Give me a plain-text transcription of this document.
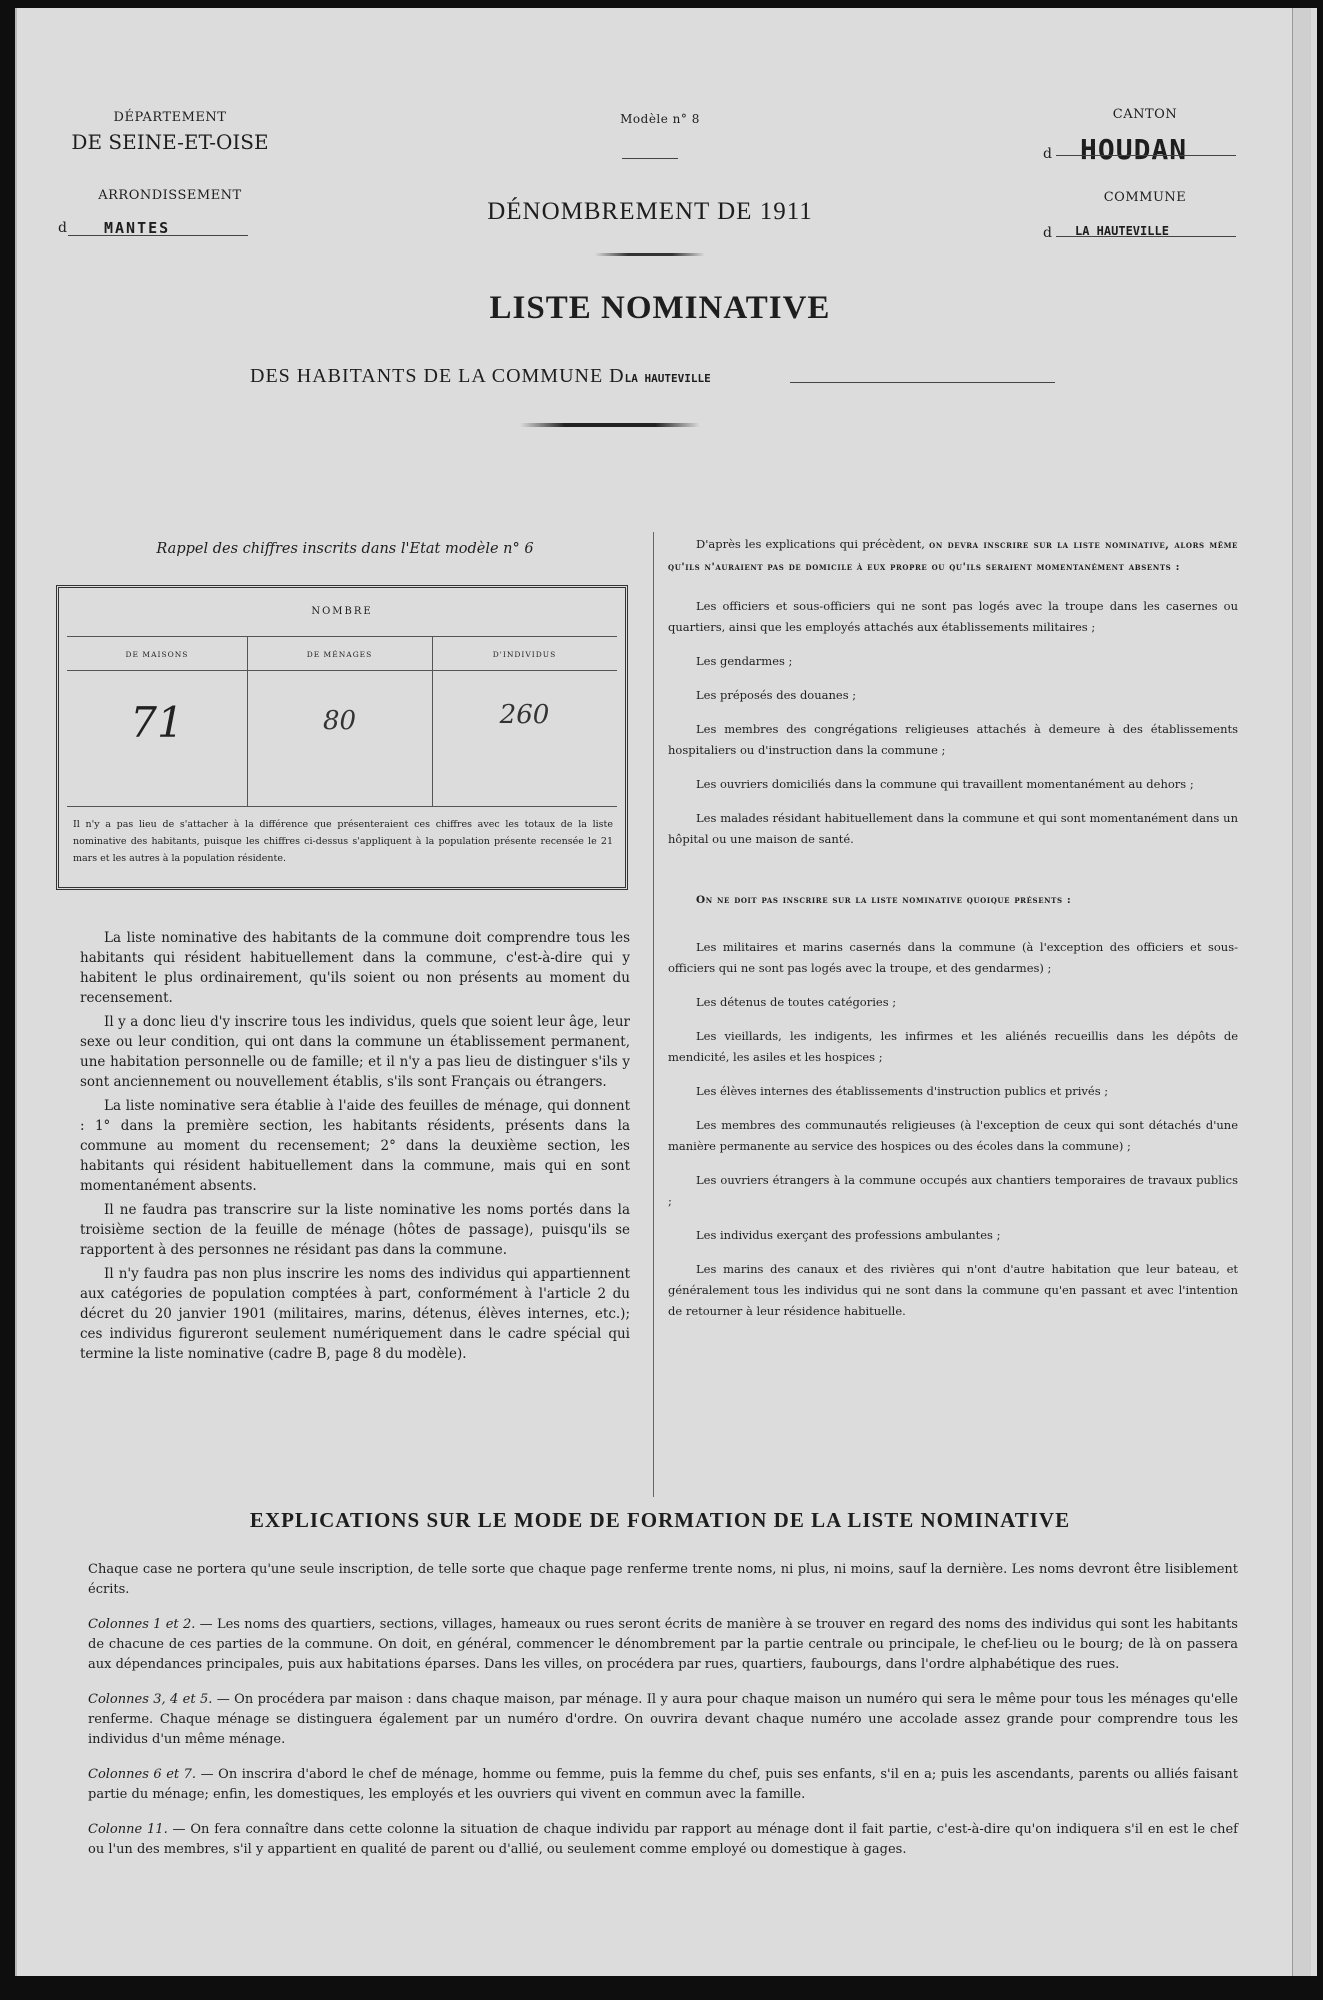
DÉPARTEMENT
DE SEINE-ET-OISE
ARRONDISSEMENT
d MANTES
Modèle n° 8
DÉNOMBREMENT DE 1911
CANTON
d HOUDAN
COMMUNE
d LA HAUTEVILLE
LISTE NOMINATIVE
DES HABITANTS DE LA COMMUNE DLA HAUTEVILLE
Rappel des chiffres inscrits dans l'Etat modèle n° 6
NOMBRE
DE MAISONS	DE MÉNAGES	D'INDIVIDUS
71	80	260
Il n'y a pas lieu de s'attacher à la différence que présenteraient ces chiffres avec les totaux de la liste nominative des habitants, puisque les chiffres ci-dessus s'appliquent à la population présente recensée le 21 mars et les autres à la population résidente.

La liste nominative des habitants de la commune doit comprendre tous les habitants qui résident habituellement dans la commune, c'est-à-dire qui y habitent le plus ordinairement, qu'ils soient ou non présents au moment du recensement.

Il y a donc lieu d'y inscrire tous les individus, quels que soient leur âge, leur sexe ou leur condition, qui ont dans la commune un établissement permanent, une habitation personnelle ou de famille; et il n'y a pas lieu de distinguer s'ils y sont anciennement ou nouvellement établis, s'ils sont Français ou étrangers.

La liste nominative sera établie à l'aide des feuilles de ménage, qui donnent : 1° dans la première section, les habitants résidents, présents dans la commune au moment du recensement; 2° dans la deuxième section, les habitants qui résident habituellement dans la commune, mais qui en sont momentanément absents.

Il ne faudra pas transcrire sur la liste nominative les noms portés dans la troisième section de la feuille de ménage (hôtes de passage), puisqu'ils se rapportent à des personnes ne résidant pas dans la commune.

Il n'y faudra pas non plus inscrire les noms des individus qui appartiennent aux catégories de population comptées à part, conformément à l'article 2 du décret du 20 janvier 1901 (militaires, marins, détenus, élèves internes, etc.); ces individus figureront seulement numériquement dans le cadre spécial qui termine la liste nominative (cadre B, page 8 du modèle).

D'après les explications qui précèdent, on devra inscrire sur la liste nominative, alors même qu'ils n'auraient pas de domicile à eux propre ou qu'ils seraient momentanément absents :

Les officiers et sous-officiers qui ne sont pas logés avec la troupe dans les casernes ou quartiers, ainsi que les employés attachés aux établissements militaires ;

Les gendarmes ;

Les préposés des douanes ;

Les membres des congrégations religieuses attachés à demeure à des établissements hospitaliers ou d'instruction dans la commune ;

Les ouvriers domiciliés dans la commune qui travaillent momentanément au dehors ;

Les malades résidant habituellement dans la commune et qui sont momentanément dans un hôpital ou une maison de santé.

On ne doit pas inscrire sur la liste nominative quoique présents :

Les militaires et marins casernés dans la commune (à l'exception des officiers et sous-officiers qui ne sont pas logés avec la troupe, et des gendarmes) ;

Les détenus de toutes catégories ;

Les vieillards, les indigents, les infirmes et les aliénés recueillis dans les dépôts de mendicité, les asiles et les hospices ;

Les élèves internes des établissements d'instruction publics et privés ;

Les membres des communautés religieuses (à l'exception de ceux qui sont détachés d'une manière permanente au service des hospices ou des écoles dans la commune) ;

Les ouvriers étrangers à la commune occupés aux chantiers temporaires de travaux publics ;

Les individus exerçant des professions ambulantes ;

Les marins des canaux et des rivières qui n'ont d'autre habitation que leur bateau, et généralement tous les individus qui ne sont dans la commune qu'en passant et avec l'intention de retourner à leur résidence habituelle.

EXPLICATIONS SUR LE MODE DE FORMATION DE LA LISTE NOMINATIVE

Chaque case ne portera qu'une seule inscription, de telle sorte que chaque page renferme trente noms, ni plus, ni moins, sauf la dernière. Les noms devront être lisiblement écrits.

Colonnes 1 et 2. — Les noms des quartiers, sections, villages, hameaux ou rues seront écrits de manière à se trouver en regard des noms des individus qui sont les habitants de chacune de ces parties de la commune. On doit, en général, commencer le dénombrement par la partie centrale ou principale, le chef-lieu ou le bourg; de là on passera aux dépendances principales, puis aux habitations éparses. Dans les villes, on procédera par rues, quartiers, faubourgs, dans l'ordre alphabétique des rues.

Colonnes 3, 4 et 5. — On procédera par maison : dans chaque maison, par ménage. Il y aura pour chaque maison un numéro qui sera le même pour tous les ménages qu'elle renferme. Chaque ménage se distinguera également par un numéro d'ordre. On ouvrira devant chaque numéro une accolade assez grande pour comprendre tous les individus d'un même ménage.

Colonnes 6 et 7. — On inscrira d'abord le chef de ménage, homme ou femme, puis la femme du chef, puis ses enfants, s'il en a; puis les ascendants, parents ou alliés faisant partie du ménage; enfin, les domestiques, les employés et les ouvriers qui vivent en commun avec la famille.

Colonne 11. — On fera connaître dans cette colonne la situation de chaque individu par rapport au ménage dont il fait partie, c'est-à-dire qu'on indiquera s'il en est le chef ou l'un des membres, s'il y appartient en qualité de parent ou d'allié, ou seulement comme employé ou domestique à gages.
